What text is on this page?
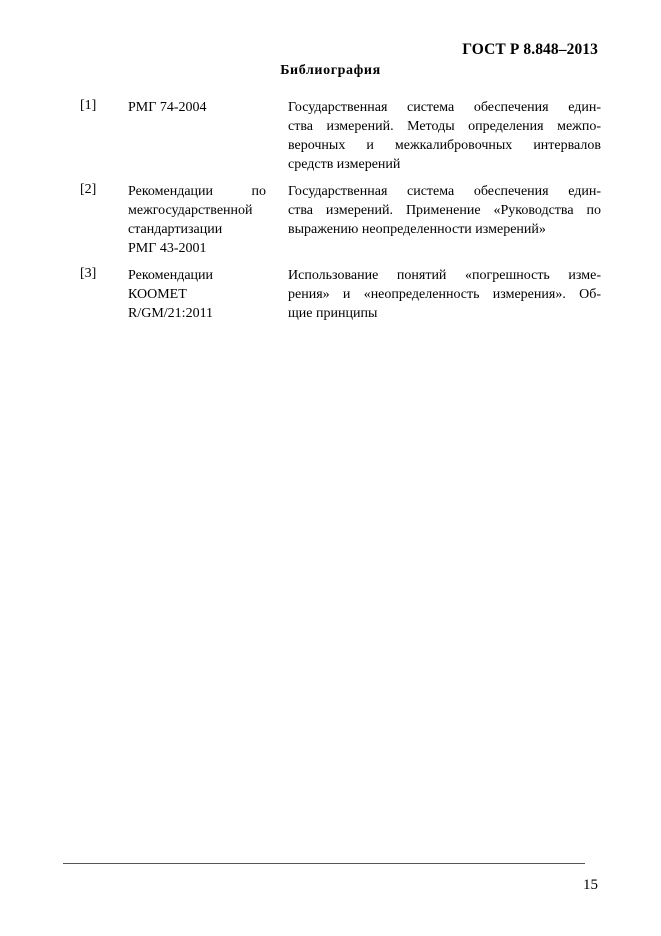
ГОСТ Р 8.848–2013
Библиография
[1] РМГ 74-2004	Государственная система обеспечения един-
ства измерений. Методы определения межпо-
верочных и межкалибровочных интервалов
средств измерений
[2] Рекомендации	по
межгосударственной
стандартизации
РМГ 43-2001
Государственная система обеспечения един-
ства измерений. Применение «Руководства по
выражению неопределенности измерений»
[3] Рекомендации
КООМЕТ
R/GM/21:2011
Использование понятий «погрешность изме-
рения» и «неопределенность измерения». Об-
щие принципы
15
